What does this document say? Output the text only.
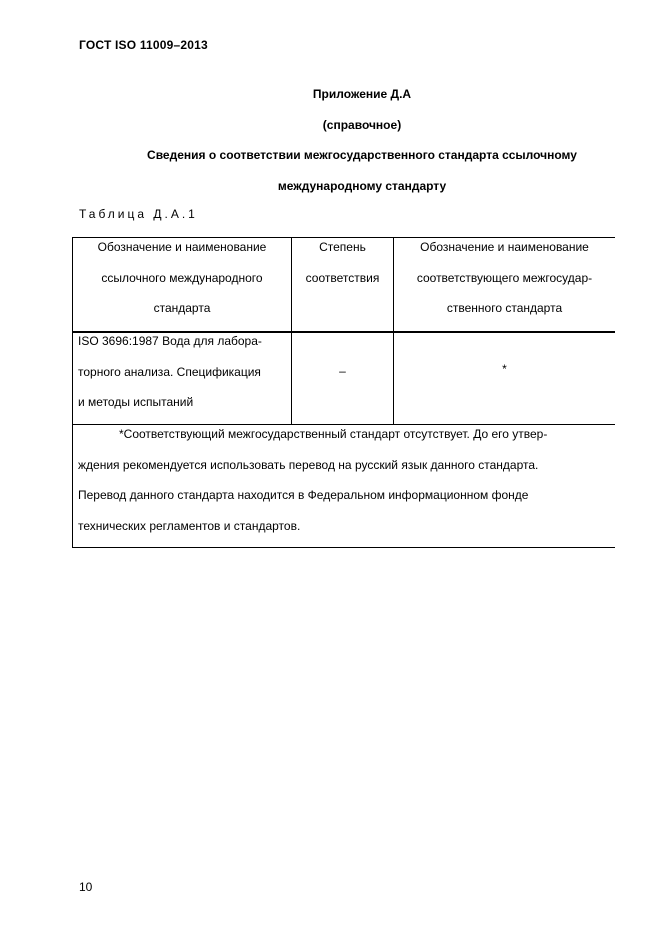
ГОСТ ISO 11009–2013
Приложение Д.А
(справочное)
Сведения о соответствии межгосударственного стандарта ссылочному
международному стандарту
Таблица Д.А.1
Обозначение и наименование
ссылочного международного
стандарта
Степень
соответствия
Обозначение и наименование
соответствующего межгосудар-
ственного стандарта
ISO 3696:1987 Вода для лабора-
торного анализа. Спецификация
и методы испытаний
–	*
*Соответствующий межгосударственный стандарт отсутствует. До его утвер-
ждения рекомендуется использовать перевод на русский язык данного стандарта.
Перевод данного стандарта находится в Федеральном информационном фонде
технических регламентов и стандартов.
10
